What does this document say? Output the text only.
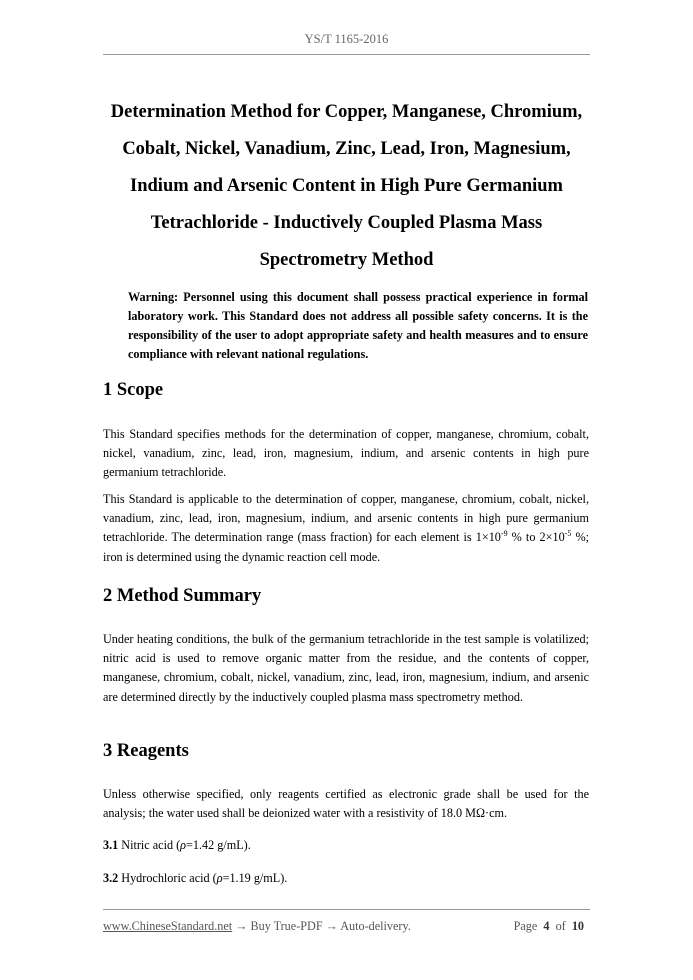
YS/T 1165-2016
Determination Method for Copper, Manganese, Chromium,
Cobalt, Nickel, Vanadium, Zinc, Lead, Iron, Magnesium,
Indium and Arsenic Content in High Pure Germanium
Tetrachloride - Inductively Coupled Plasma Mass
Spectrometry Method
Warning: Personnel using this document shall possess practical experience in formal laboratory work. This Standard does not address all possible safety concerns. It is the responsibility of the user to adopt appropriate safety and health measures and to ensure compliance with relevant national regulations.
1 Scope
This Standard specifies methods for the determination of copper, manganese, chromium, cobalt, nickel, vanadium, zinc, lead, iron, magnesium, indium, and arsenic contents in high pure germanium tetrachloride.
This Standard is applicable to the determination of copper, manganese, chromium, cobalt, nickel, vanadium, zinc, lead, iron, magnesium, indium, and arsenic contents in high pure germanium tetrachloride. The determination range (mass fraction) for each element is $1\times 10^{-9}$ % to $2\times 10^{-5}$ %; iron is determined using the dynamic reaction cell mode.
2 Method Summary
Under heating conditions, the bulk of the germanium tetrachloride in the test sample is volatilized; nitric acid is used to remove organic matter from the residue, and the contents of copper, manganese, chromium, cobalt, nickel, vanadium, zinc, lead, iron, magnesium, indium, and arsenic are determined directly by the inductively coupled plasma mass spectrometry method.
3 Reagents
Unless otherwise specified, only reagents certified as electronic grade shall be used for the analysis; the water used shall be deionized water with a resistivity of 18.0 MΩ·cm.
3.1 Nitric acid (ρ=1.42 g/mL).
3.2 Hydrochloric acid (ρ=1.19 g/mL).
www.ChineseStandard.net → Buy True-PDF → Auto-delivery.	Page 4 of 10
